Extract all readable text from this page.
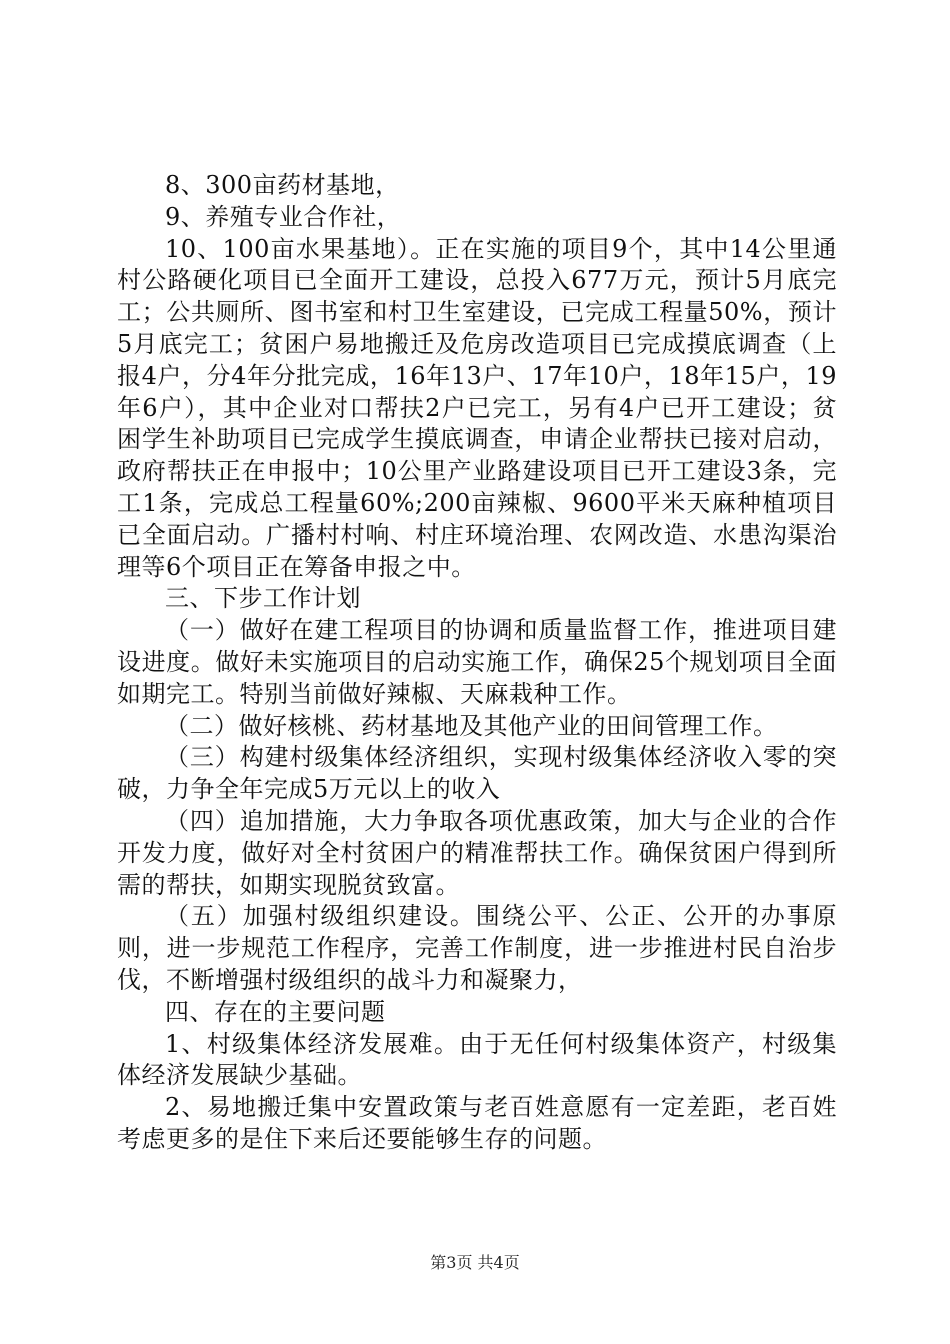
8、300亩药材基地，

9、养殖专业合作社，

10、100亩水果基地）。正在实施的项目9个，其中14公里通村公路硬化项目已全面开工建设，总投入677万元，预计5月底完工；公共厕所、图书室和村卫生室建设，已完成工程量50%，预计5月底完工；贫困户易地搬迁及危房改造项目已完成摸底调查（上报4户，分4年分批完成，16年13户、17年10户，18年15户，19年6户），其中企业对口帮扶2户已完工，另有4户已开工建设；贫困学生补助项目已完成学生摸底调查，申请企业帮扶已接对启动，政府帮扶正在申报中；10公里产业路建设项目已开工建设3条，完工1条，完成总工程量60%;200亩辣椒、9600平米天麻种植项目已全面启动。广播村村响、村庄环境治理、农网改造、水患沟渠治理等6个项目正在筹备申报之中。

三、下步工作计划

（一）做好在建工程项目的协调和质量监督工作，推进项目建设进度。做好未实施项目的启动实施工作，确保25个规划项目全面如期完工。特别当前做好辣椒、天麻栽种工作。

（二）做好核桃、药材基地及其他产业的田间管理工作。

（三）构建村级集体经济组织，实现村级集体经济收入零的突破，力争全年完成5万元以上的收入

（四）追加措施，大力争取各项优惠政策，加大与企业的合作开发力度，做好对全村贫困户的精准帮扶工作。确保贫困户得到所需的帮扶，如期实现脱贫致富。

（五）加强村级组织建设。围绕公平、公正、公开的办事原则，进一步规范工作程序，完善工作制度，进一步推进村民自治步伐，不断增强村级组织的战斗力和凝聚力，

四、存在的主要问题

1、村级集体经济发展难。由于无任何村级集体资产，村级集体经济发展缺少基础。

2、易地搬迁集中安置政策与老百姓意愿有一定差距，老百姓考虑更多的是住下来后还要能够生存的问题。

第3页 共4页
